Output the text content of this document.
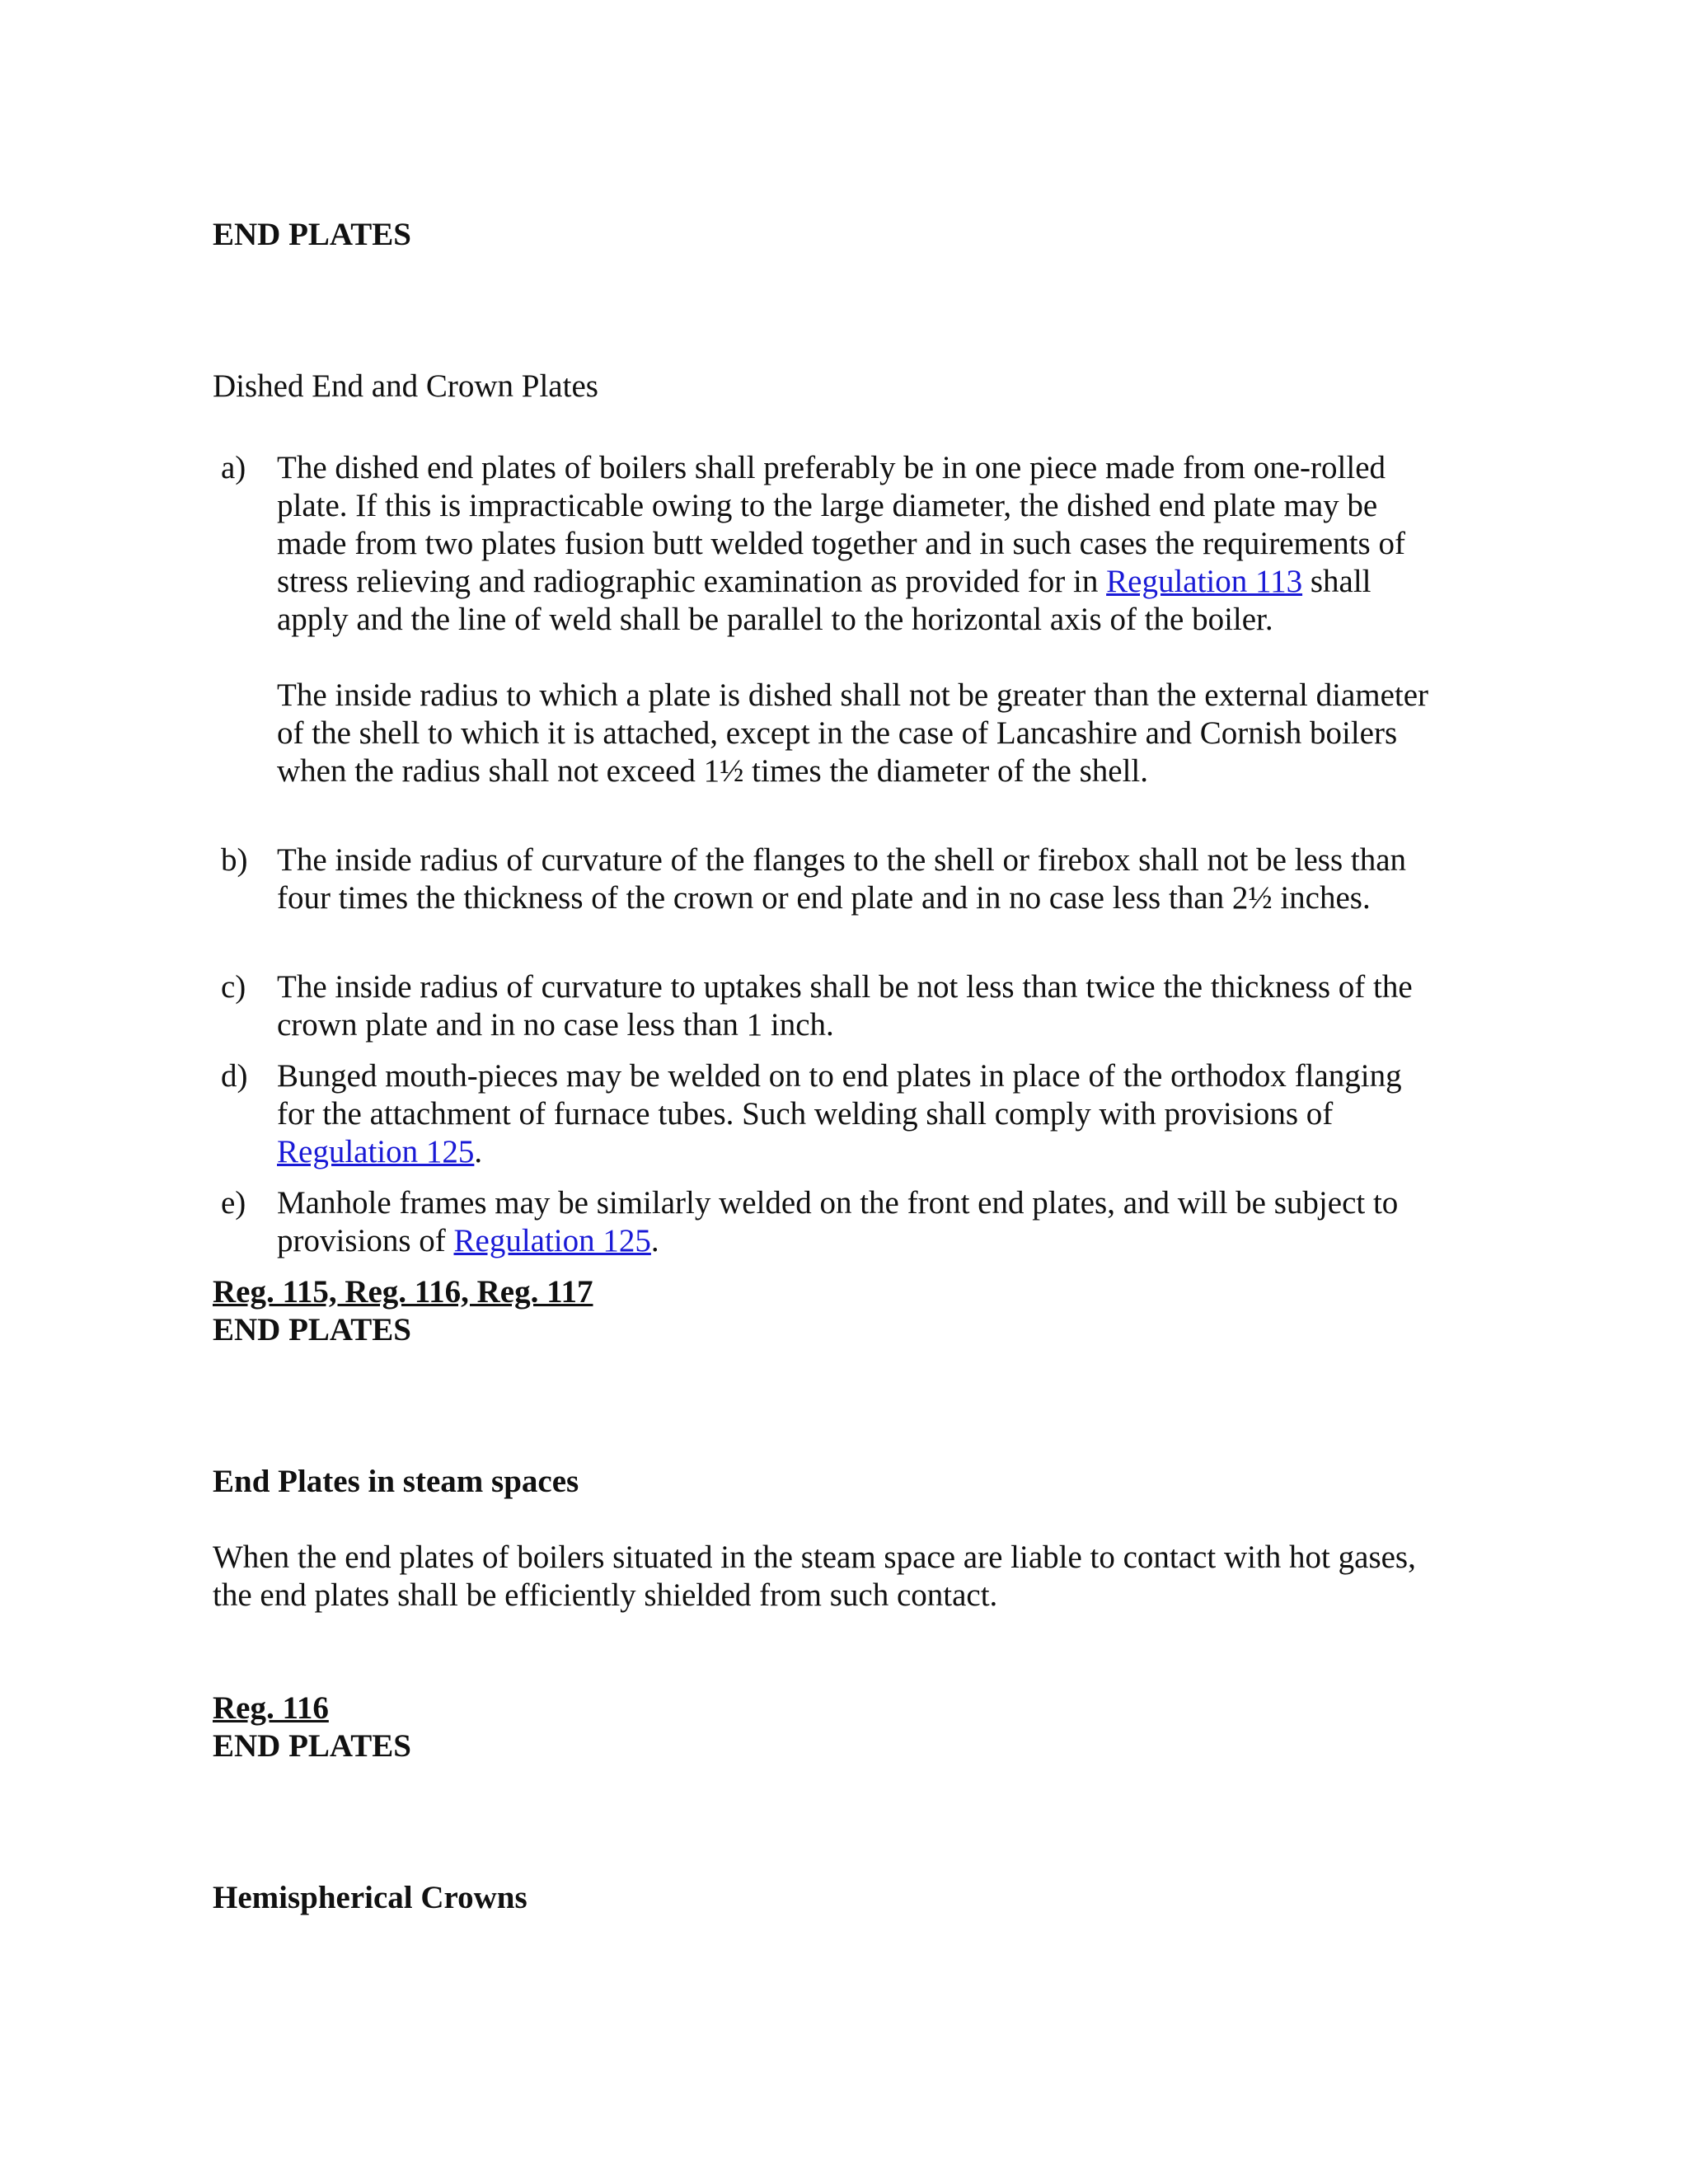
END PLATES
Dished End and Crown Plates
a) The dished end plates of boilers shall preferably be in one piece made from one-rolled plate. If this is impracticable owing to the large diameter, the dished end plate may be made from two plates fusion butt welded together and in such cases the requirements of stress relieving and radiographic examination as provided for in Regulation 113 shall apply and the line of weld shall be parallel to the horizontal axis of the boiler.

The inside radius to which a plate is dished shall not be greater than the external diameter of the shell to which it is attached, except in the case of Lancashire and Cornish boilers when the radius shall not exceed 1½ times the diameter of the shell.

b) The inside radius of curvature of the flanges to the shell or firebox shall not be less than four times the thickness of the crown or end plate and in no case less than 2½ inches.
c) The inside radius of curvature to uptakes shall be not less than twice the thickness of the crown plate and in no case less than 1 inch.
d) Bunged mouth-pieces may be welded on to end plates in place of the orthodox flanging for the attachment of furnace tubes. Such welding shall comply with provisions of Regulation 125.
e) Manhole frames may be similarly welded on the front end plates, and will be subject to provisions of Regulation 125.
Reg. 115, Reg. 116, Reg. 117
END PLATES
End Plates in steam spaces
When the end plates of boilers situated in the steam space are liable to contact with hot gases, the end plates shall be efficiently shielded from such contact.
Reg. 116
END PLATES
Hemispherical Crowns
